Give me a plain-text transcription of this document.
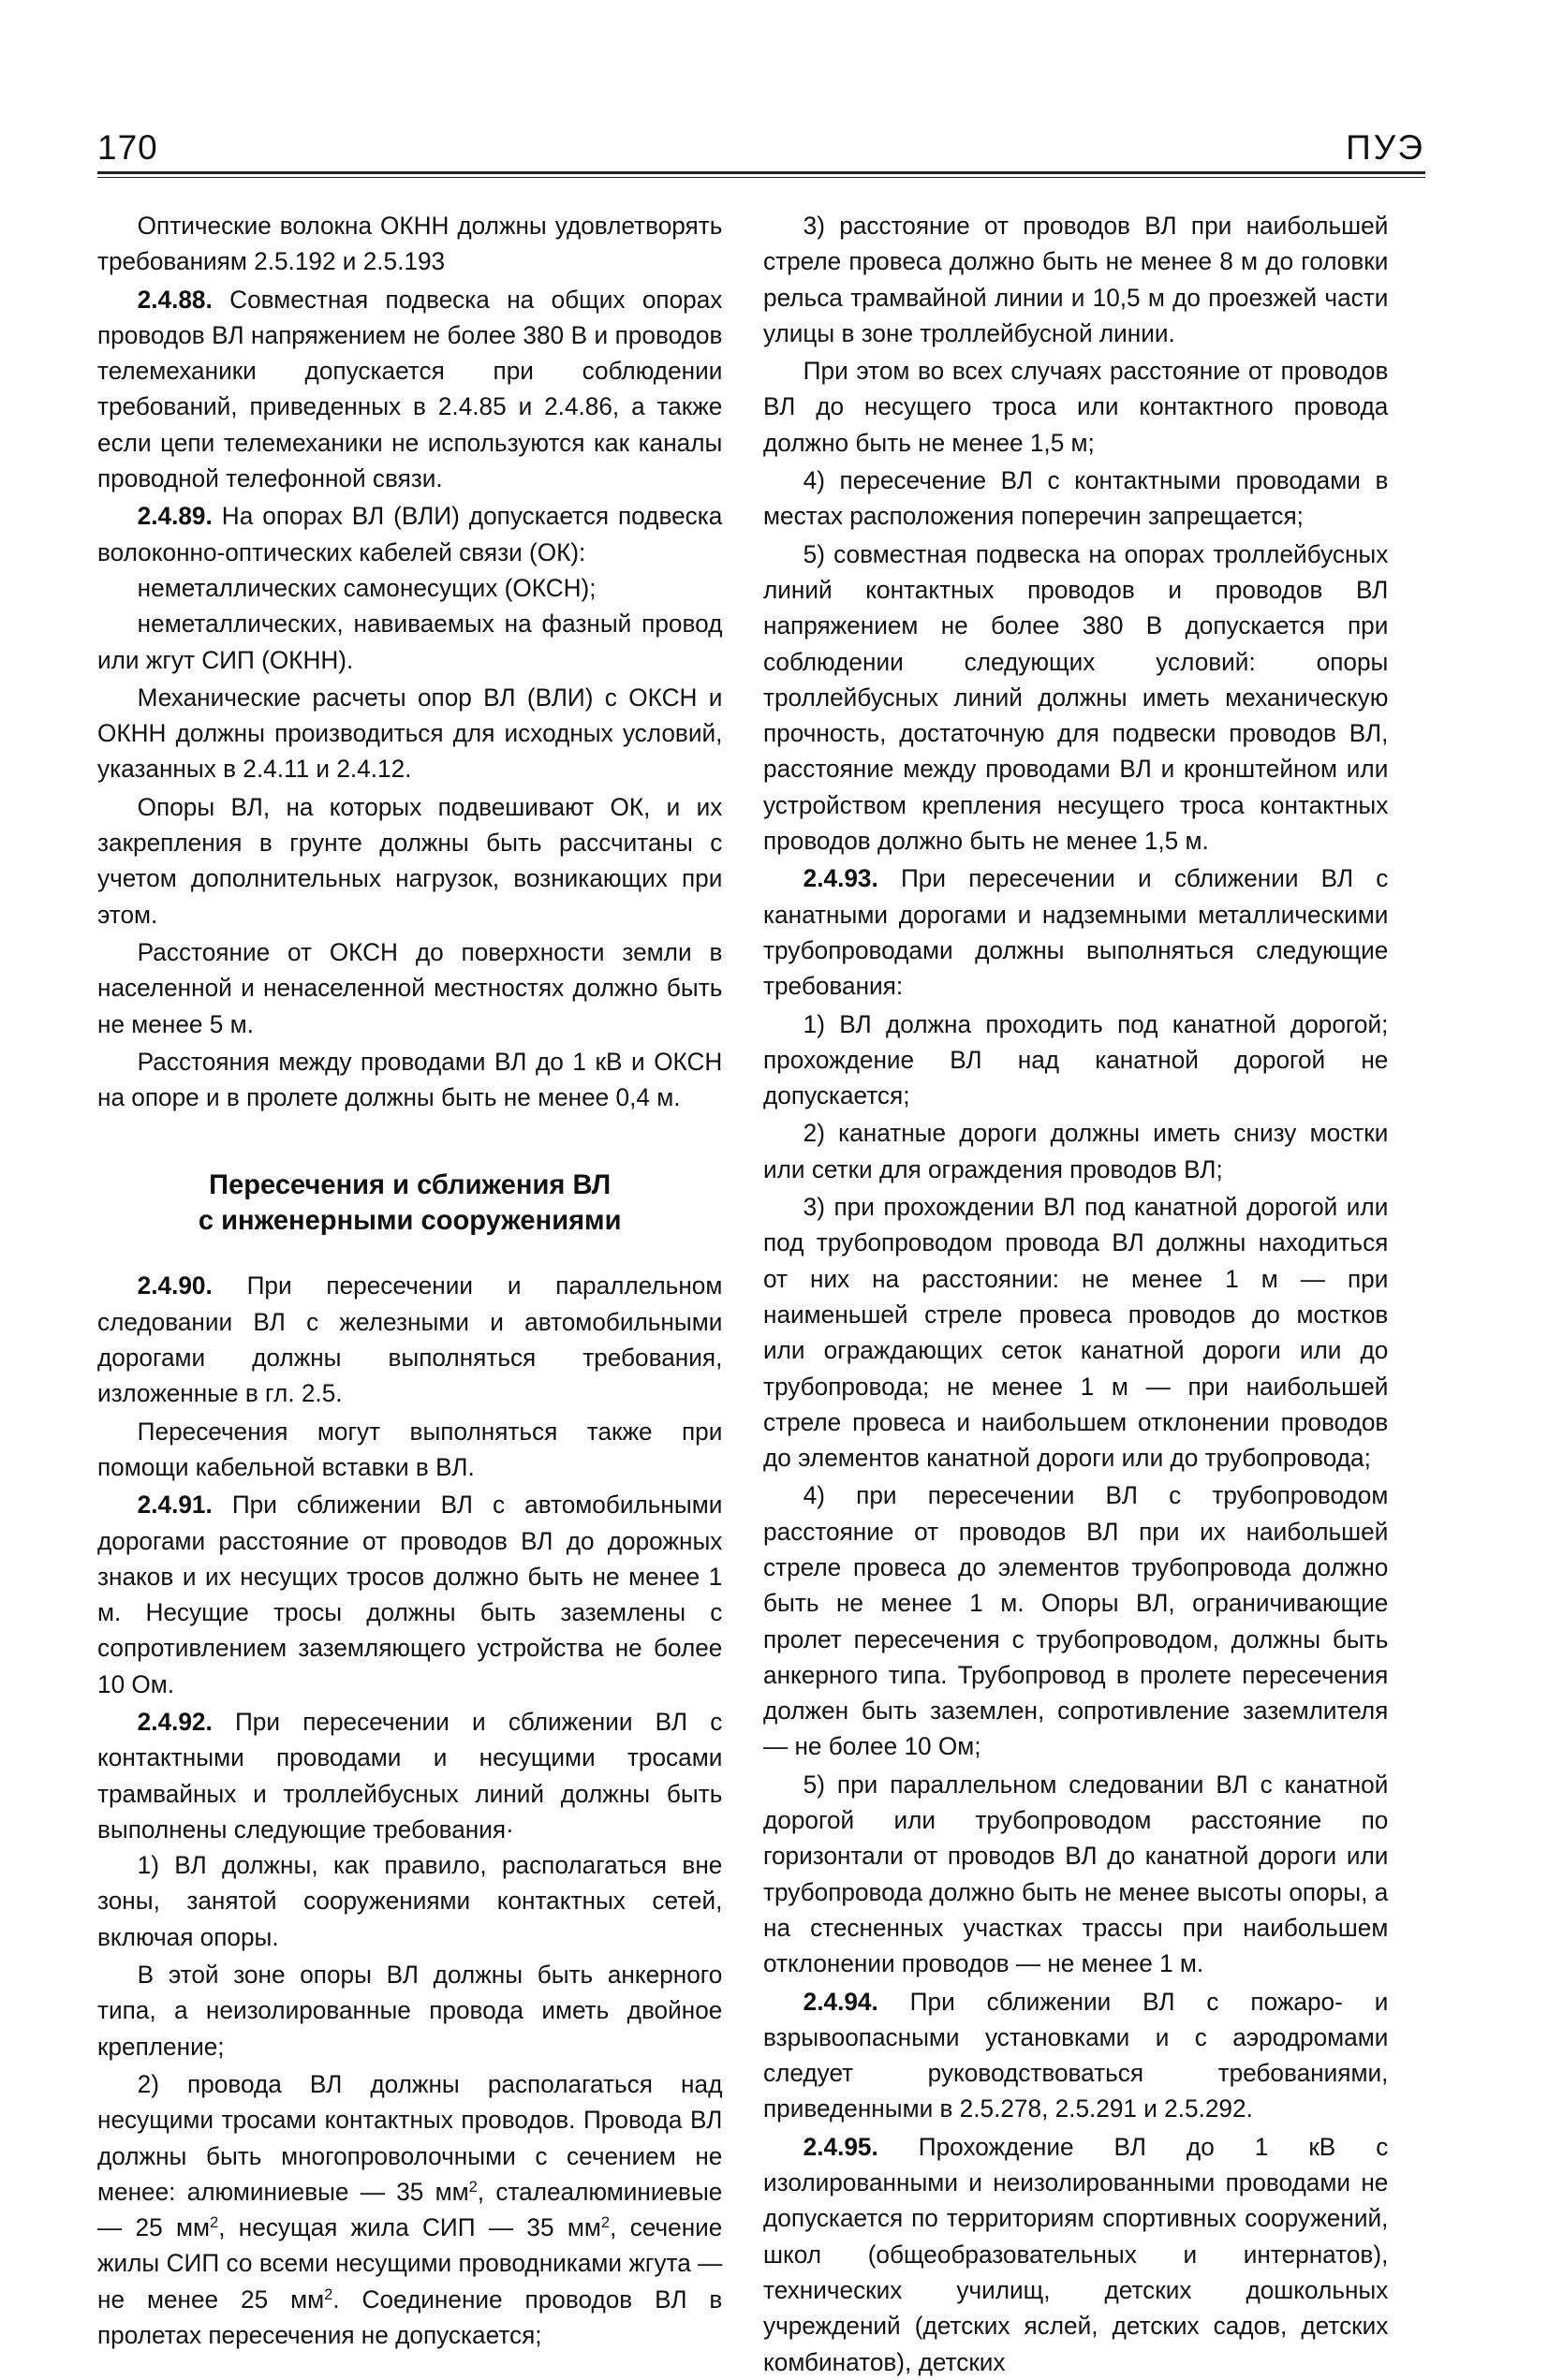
170	ПУЭ

Оптические волокна ОКНН должны удовлетворять требованиям 2.5.192 и 2.5.193

2.4.88. Совместная подвеска на общих опорах проводов ВЛ напряжением не более 380 В и проводов телемеханики допускается при соблюдении требований, приведенных в 2.4.85 и 2.4.86, а также если цепи телемеханики не используются как каналы проводной телефонной связи.

2.4.89. На опорах ВЛ (ВЛИ) допускается подвеска волоконно-оптических кабелей связи (ОК):

неметаллических самонесущих (ОКСН);

неметаллических, навиваемых на фазный провод или жгут СИП (ОКНН).

Механические расчеты опор ВЛ (ВЛИ) с ОКСН и ОКНН должны производиться для исходных условий, указанных в 2.4.11 и 2.4.12.

Опоры ВЛ, на которых подвешивают ОК, и их закрепления в грунте должны быть рассчитаны с учетом дополнительных нагрузок, возникающих при этом.

Расстояние от ОКСН до поверхности земли в населенной и ненаселенной местностях должно быть не менее 5 м.

Расстояния между проводами ВЛ до 1 кВ и ОКСН на опоре и в пролете должны быть не менее 0,4 м.

Пересечения и сближения ВЛ
с инженерными сооружениями

2.4.90. При пересечении и параллельном следовании ВЛ с железными и автомобильными дорогами должны выполняться требования, изложенные в гл. 2.5.

Пересечения могут выполняться также при помощи кабельной вставки в ВЛ.

2.4.91. При сближении ВЛ с автомобильными дорогами расстояние от проводов ВЛ до дорожных знаков и их несущих тросов должно быть не менее 1 м. Несущие тросы должны быть заземлены с сопротивлением заземляющего устройства не более 10 Ом.

2.4.92. При пересечении и сближении ВЛ с контактными проводами и несущими тросами трамвайных и троллейбусных линий должны быть выполнены следующие требования·

1) ВЛ должны, как правило, располагаться вне зоны, занятой сооружениями контактных сетей, включая опоры.

В этой зоне опоры ВЛ должны быть анкерного типа, а неизолированные провода иметь двойное крепление;

2) провода ВЛ должны располагаться над несущими тросами контактных проводов. Провода ВЛ должны быть многопроволочными с сечением не менее: алюминиевые — 35 $мм^2$, сталеалюминиевые — 25 $мм^2$, несущая жила СИП — 35 $мм^2$, сечение жилы СИП со всеми несущими проводниками жгута — не менее 25 $мм^2$. Соединение проводов ВЛ в пролетах пересечения не допускается;

3) расстояние от проводов ВЛ при наибольшей стреле провеса должно быть не менее 8 м до головки рельса трамвайной линии и 10,5 м до проезжей части улицы в зоне троллейбусной линии.

При этом во всех случаях расстояние от проводов ВЛ до несущего троса или контактного провода должно быть не менее 1,5 м;

4) пересечение ВЛ с контактными проводами в местах расположения поперечин запрещается;

5) совместная подвеска на опорах троллейбусных линий контактных проводов и проводов ВЛ напряжением не более 380 В допускается при соблюдении следующих условий: опоры троллейбусных линий должны иметь механическую прочность, достаточную для подвески проводов ВЛ, расстояние между проводами ВЛ и кронштейном или устройством крепления несущего троса контактных проводов должно быть не менее 1,5 м.

2.4.93. При пересечении и сближении ВЛ с канатными дорогами и надземными металлическими трубопроводами должны выполняться следующие требования:

1) ВЛ должна проходить под канатной дорогой; прохождение ВЛ над канатной дорогой не допускается;

2) канатные дороги должны иметь снизу мостки или сетки для ограждения проводов ВЛ;

3) при прохождении ВЛ под канатной дорогой или под трубопроводом провода ВЛ должны находиться от них на расстоянии: не менее 1 м — при наименьшей стреле провеса проводов до мостков или ограждающих сеток канатной дороги или до трубопровода; не менее 1 м — при наибольшей стреле провеса и наибольшем отклонении проводов до элементов канатной дороги или до трубопровода;

4) при пересечении ВЛ с трубопроводом расстояние от проводов ВЛ при их наибольшей стреле провеса до элементов трубопровода должно быть не менее 1 м. Опоры ВЛ, ограничивающие пролет пересечения с трубопроводом, должны быть анкерного типа. Трубопровод в пролете пересечения должен быть заземлен, сопротивление заземлителя — не более 10 Ом;

5) при параллельном следовании ВЛ с канатной дорогой или трубопроводом расстояние по горизонтали от проводов ВЛ до канатной дороги или трубопровода должно быть не менее высоты опоры, а на стесненных участках трассы при наибольшем отклонении проводов — не менее 1 м.

2.4.94. При сближении ВЛ с пожаро- и взрывоопасными установками и с аэродромами следует руководствоваться требованиями, приведенными в 2.5.278, 2.5.291 и 2.5.292.

2.4.95. Прохождение ВЛ до 1 кВ с изолированными и неизолированными проводами не допускается по территориям спортивных сооружений, школ (общеобразовательных и интернатов), технических училищ, детских дошкольных учреждений (детских яслей, детских садов, детских комбинатов), детских
